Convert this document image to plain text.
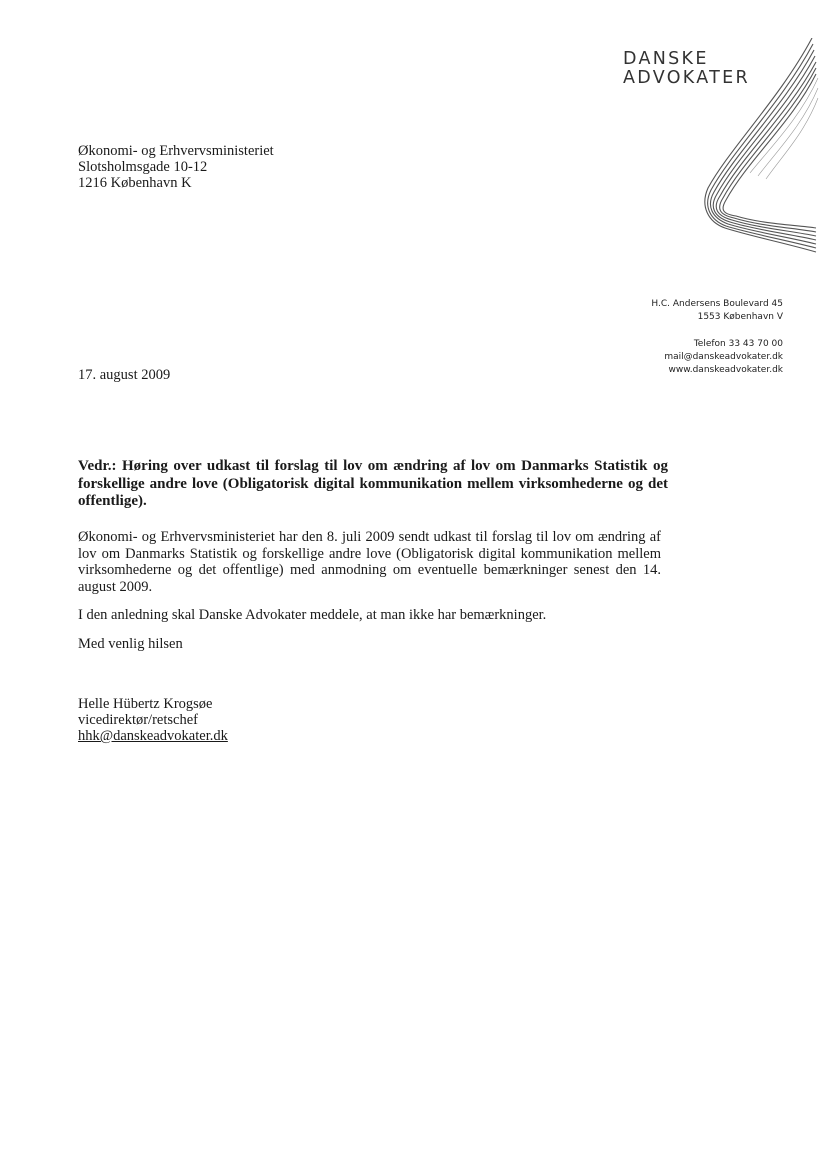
DANSKE
ADVOKATER
Økonomi- og Erhvervsministeriet
Slotsholmsgade 10-12
1216 København K
H.C. Andersens Boulevard 45
1553 København V
Telefon 33 43 70 00
mail@danskeadvokater.dk
www.danskeadvokater.dk
17. august 2009
Vedr.: Høring over udkast til forslag til lov om ændring af lov om Danmarks Statistik og forskellige andre love (Obligatorisk digital kommunikation mellem virksomhederne og det offentlige).

Økonomi- og Erhvervsministeriet har den 8. juli 2009 sendt udkast til forslag til lov om ændring af lov om Danmarks Statistik og forskellige andre love (Obligatorisk digital kommunikation mellem virksomhederne og det offentlige) med anmodning om eventuelle bemærkninger senest den 14. august 2009.

I den anledning skal Danske Advokater meddele, at man ikke har bemærkninger.

Med venlig hilsen

Helle Hübertz Krogsøe
vicedirektør/retschef
hhk@danskeadvokater.dk
